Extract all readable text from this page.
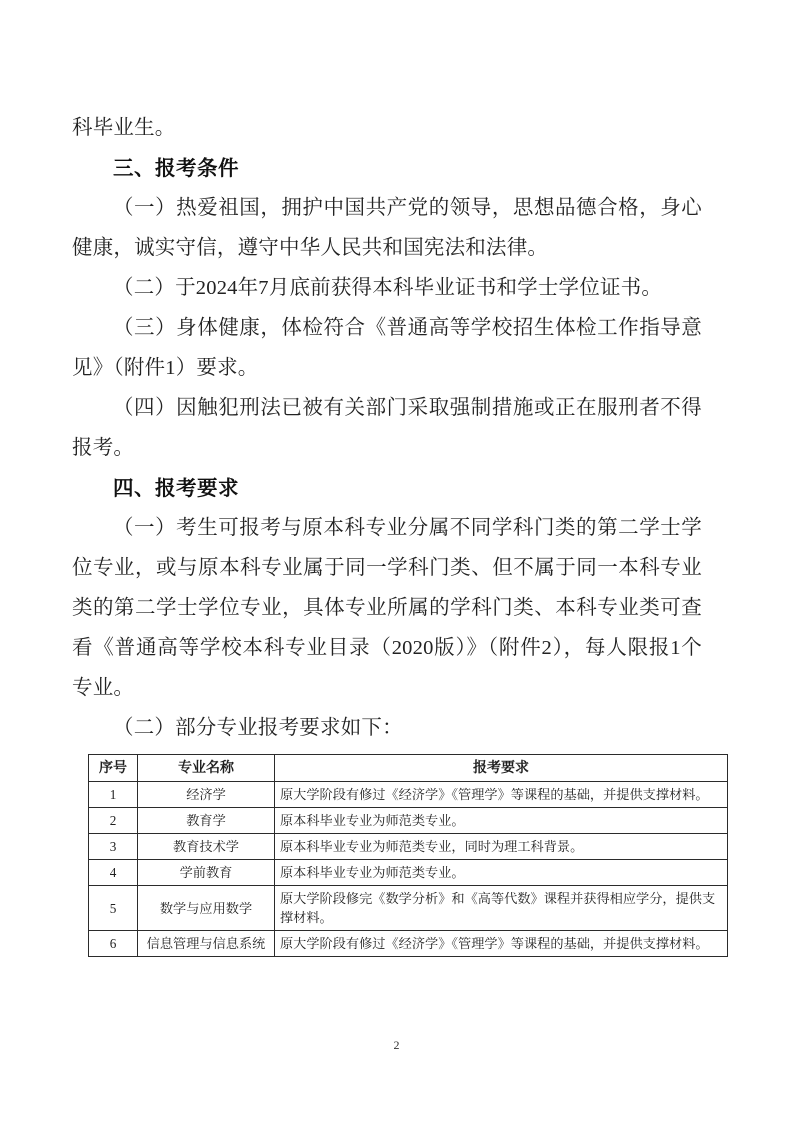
科毕业生。

三、报考条件

（一）热爱祖国，拥护中国共产党的领导，思想品德合格，身心健康，诚实守信，遵守中华人民共和国宪法和法律。

（二）于2024年7月底前获得本科毕业证书和学士学位证书。

（三）身体健康，体检符合《普通高等学校招生体检工作指导意见》（附件1）要求。

（四）因触犯刑法已被有关部门采取强制措施或正在服刑者不得报考。

四、报考要求

（一）考生可报考与原本科专业分属不同学科门类的第二学士学位专业，或与原本科专业属于同一学科门类、但不属于同一本科专业类的第二学士学位专业，具体专业所属的学科门类、本科专业类可查看《普通高等学校本科专业目录（2020版）》（附件2），每人限报1个专业。

（二）部分专业报考要求如下：

序号	专业名称	报考要求
1	经济学	原大学阶段有修过《经济学》《管理学》等课程的基础，并提供支撑材料。
2	教育学	原本科毕业专业为师范类专业。
3	教育技术学	原本科毕业专业为师范类专业，同时为理工科背景。
4	学前教育	原本科毕业专业为师范类专业。
5	数学与应用数学	原大学阶段修完《数学分析》和《高等代数》课程并获得相应学分，提供支撑材料。
6	信息管理与信息系统	原大学阶段有修过《经济学》《管理学》等课程的基础，并提供支撑材料。
2
